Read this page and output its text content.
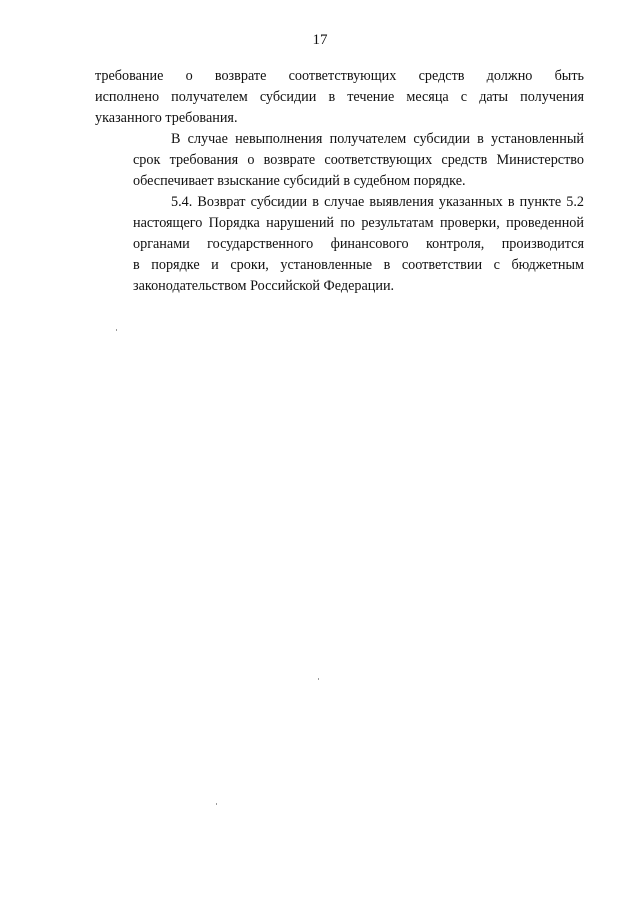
17

требование о возврате соответствующих средств должно быть
исполнено получателем субсидии в течение месяца с даты получения
указанного требования.

В случае невыполнения получателем субсидии в установленный
срок требования о возврате соответствующих средств Министерство
обеспечивает взыскание субсидий в судебном порядке.

5.4. Возврат субсидии в случае выявления указанных в пункте 5.2
настоящего Порядка нарушений по результатам проверки, проведенной
органами государственного финансового контроля, производится
в порядке и сроки, установленные в соответствии с бюджетным
законодательством Российской Федерации.
